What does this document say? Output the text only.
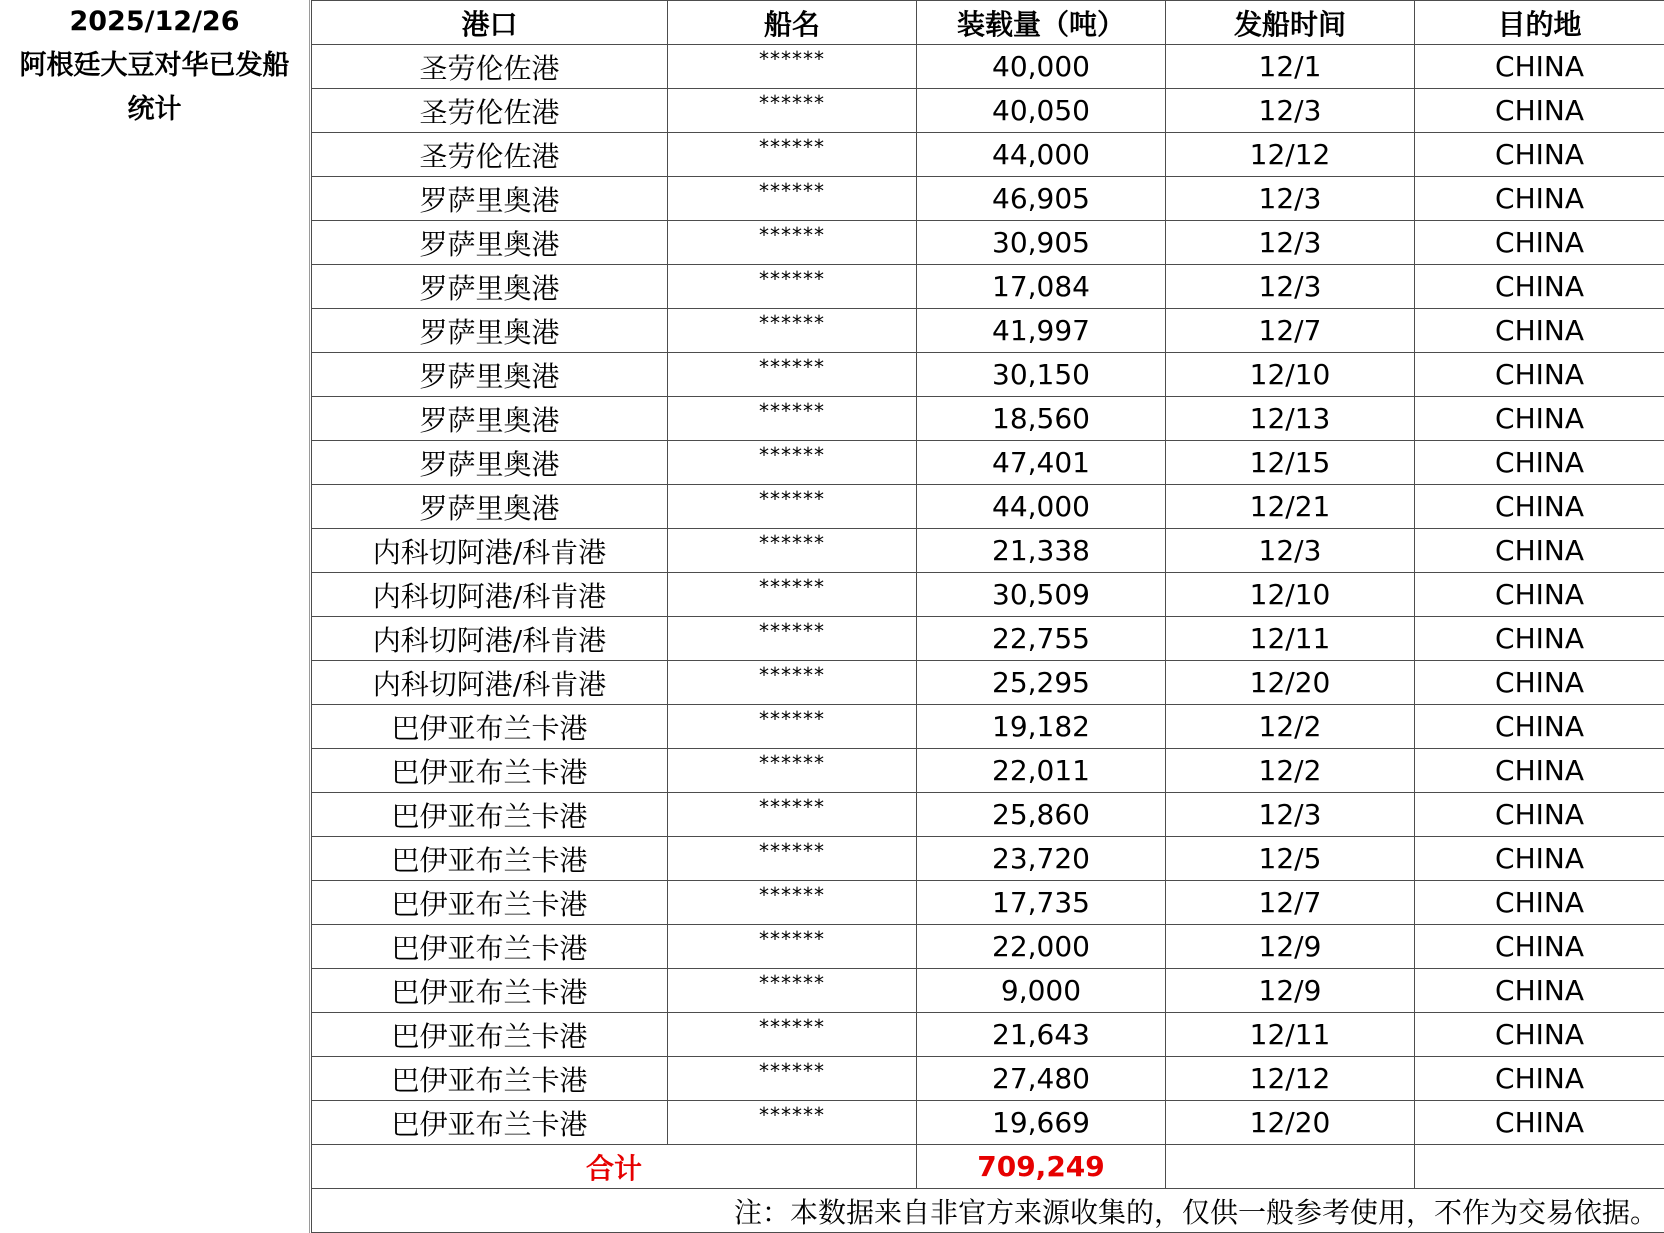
2025/12/26
阿根廷大豆对华已发船统计
港口	船名	装载量（吨）	发船时间	目的地
圣劳伦佐港	******	40,000	12/1	CHINA
圣劳伦佐港	******	40,050	12/3	CHINA
圣劳伦佐港	******	44,000	12/12	CHINA
罗萨里奥港	******	46,905	12/3	CHINA
罗萨里奥港	******	30,905	12/3	CHINA
罗萨里奥港	******	17,084	12/3	CHINA
罗萨里奥港	******	41,997	12/7	CHINA
罗萨里奥港	******	30,150	12/10	CHINA
罗萨里奥港	******	18,560	12/13	CHINA
罗萨里奥港	******	47,401	12/15	CHINA
罗萨里奥港	******	44,000	12/21	CHINA
内科切阿港/科肯港	******	21,338	12/3	CHINA
内科切阿港/科肯港	******	30,509	12/10	CHINA
内科切阿港/科肯港	******	22,755	12/11	CHINA
内科切阿港/科肯港	******	25,295	12/20	CHINA
巴伊亚布兰卡港	******	19,182	12/2	CHINA
巴伊亚布兰卡港	******	22,011	12/2	CHINA
巴伊亚布兰卡港	******	25,860	12/3	CHINA
巴伊亚布兰卡港	******	23,720	12/5	CHINA
巴伊亚布兰卡港	******	17,735	12/7	CHINA
巴伊亚布兰卡港	******	22,000	12/9	CHINA
巴伊亚布兰卡港	******	9,000	12/9	CHINA
巴伊亚布兰卡港	******	21,643	12/11	CHINA
巴伊亚布兰卡港	******	27,480	12/12	CHINA
巴伊亚布兰卡港	******	19,669	12/20	CHINA
合计		709,249		
注：本数据来自非官方来源收集的，仅供一般参考使用，不作为交易依据。				
